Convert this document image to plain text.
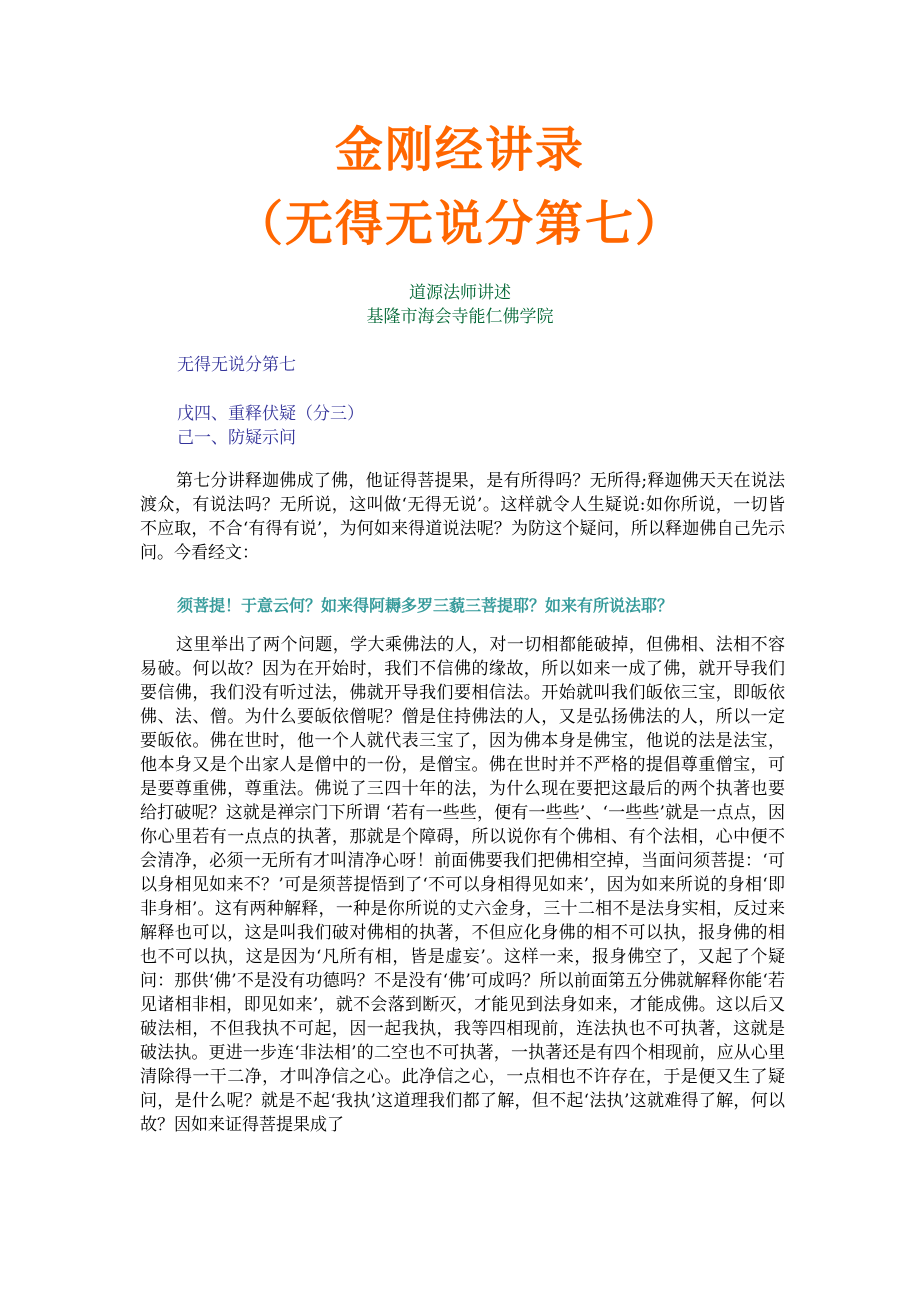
金刚经讲录
（无得无说分第七）
道源法师讲述
基隆市海会寺能仁佛学院
无得无说分第七
戊四、重释伏疑（分三）
己一、防疑示问

第七分讲释迦佛成了佛，他证得菩提果，是有所得吗？无所得;释迦佛天天在说法渡众，有说法吗？无所说，这叫做‘无得无说’。这样就令人生疑说:如你所说，一切皆不应取，不合‘有得有说’，为何如来得道说法呢？为防这个疑问，所以释迦佛自己先示问。今看经文：

须菩提！于意云何？如来得阿耨多罗三藐三菩提耶？如来有所说法耶？

这里举出了两个问题，学大乘佛法的人，对一切相都能破掉，但佛相、法相不容易破。何以故？因为在开始时，我们不信佛的缘故，所以如来一成了佛，就开导我们要信佛，我们没有听过法，佛就开导我们要相信法。开始就叫我们皈依三宝，即皈依佛、法、僧。为什么要皈依僧呢？僧是住持佛法的人，又是弘扬佛法的人，所以一定要皈依。佛在世时，他一个人就代表三宝了，因为佛本身是佛宝，他说的法是法宝，他本身又是个出家人是僧中的一份，是僧宝。佛在世时并不严格的提倡尊重僧宝，可是要尊重佛，尊重法。佛说了三四十年的法，为什么现在要把这最后的两个执著也要给打破呢？这就是禅宗门下所谓 ‘若有一些些，便有一些些’、‘一些些’就是一点点，因你心里若有一点点的执著，那就是个障碍，所以说你有个佛相、有个法相，心中便不会清净，必须一无所有才叫清净心呀！前面佛要我们把佛相空掉，当面问须菩提：‘可以身相见如来不？’可是须菩提悟到了‘不可以身相得见如来’，因为如来所说的身相‘即非身相’。这有两种解释，一种是你所说的丈六金身，三十二相不是法身实相，反过来解释也可以，这是叫我们破对佛相的执著，不但应化身佛的相不可以执，报身佛的相也不可以执，这是因为‘凡所有相，皆是虚妄’。这样一来，报身佛空了，又起了个疑问：那供‘佛’不是没有功德吗？不是没有‘佛’可成吗？所以前面第五分佛就解释你能‘若见诸相非相，即见如来’，就不会落到断灭，才能见到法身如来，才能成佛。这以后又破法相，不但我执不可起，因一起我执，我等四相现前，连法执也不可执著，这就是破法执。更进一步连‘非法相’的二空也不可执著，一执著还是有四个相现前，应从心里清除得一干二净，才叫净信之心。此净信之心，一点相也不许存在，于是便又生了疑问，是什么呢？就是不起‘我执’这道理我们都了解，但不起‘法执’这就难得了解，何以故？因如来证得菩提果成了
